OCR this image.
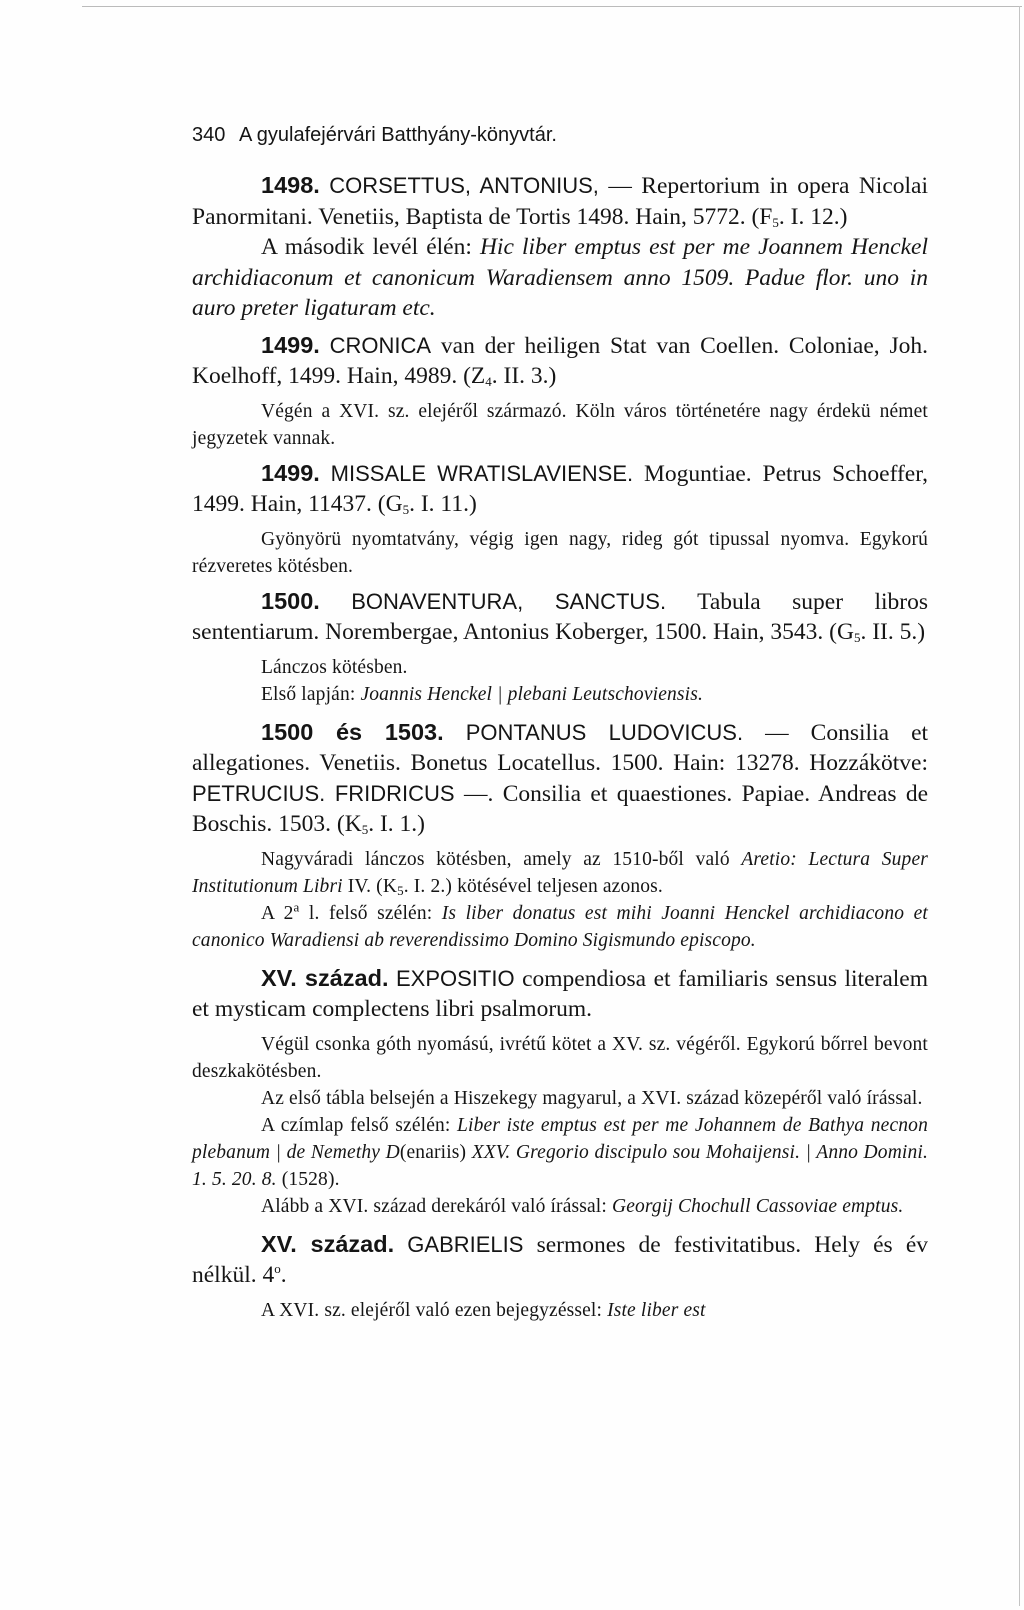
340 A gyulafejérvári Batthyány-könyvtár.

1498. CORSETTUS, ANTONIUS, — Repertorium in opera Nicolai Panormitani. Venetiis, Baptista de Tortis 1498. Hain, 5772. ($F_5$. I. 12.)

A második levél élén: Hic liber emptus est per me Joannem Henckel archidiaconum et canonicum Waradiensem anno 1509. Padue flor. uno in auro preter ligaturam etc.

1499. CRONICA van der heiligen Stat van Coellen. Coloniae, Joh. Koelhoff, 1499. Hain, 4989. ($Z_4$. II. 3.)

Végén a XVI. sz. elejéről származó. Köln város történetére nagy érdekü német jegyzetek vannak.

1499. MISSALE WRATISLAVIENSE. Moguntiae. Petrus Schoeffer, 1499. Hain, 11437. ($G_5$. I. 11.)

Gyönyörü nyomtatvány, végig igen nagy, rideg gót tipussal nyomva. Egykorú rézveretes kötésben.

1500. BONAVENTURA, SANCTUS. Tabula super libros sententiarum. Norembergae, Antonius Koberger, 1500. Hain, 3543. ($G_5$. II. 5.)

Lánczos kötésben.

Első lapján: Joannis Henckel | plebani Leutschoviensis.

1500 és 1503. PONTANUS LUDOVICUS. — Consilia et allegationes. Venetiis. Bonetus Locatellus. 1500. Hain: 13278. Hozzákötve: PETRUCIUS. FRIDRICUS —. Consilia et quaestiones. Papiae. Andreas de Boschis. 1503. ($K_5$. I. 1.)

Nagyváradi lánczos kötésben, amely az 1510-ből való Aretio: Lectura Super Institutionum Libri IV. ($K_5$. I. 2.) kötésével teljesen azonos.

A 2$^a$ l. felső szélén: Is liber donatus est mihi Joanni Henckel archidiacono et canonico Waradiensi ab reverendissimo Domino Sigismundo episcopo.

XV. század. EXPOSITIO compendiosa et familiaris sensus literalem et mysticam complectens libri psalmorum.

Végül csonka góth nyomású, ivrétű kötet a XV. sz. végéről. Egykorú bőrrel bevont deszkakötésben.

Az első tábla belsején a Hiszekegy magyarul, a XVI. század közepéről való írással.

A czímlap felső szélén: Liber iste emptus est per me Johannem de Bathya necnon plebanum | de Nemethy D(enariis) XXV. Gregorio discipulo sou Mohaijensi. | Anno Domini. 1. 5. 20. 8. (1528).

Alább a XVI. század derekáról való írással: Georgij Chochull Cassoviae emptus.

XV. század. GABRIELIS sermones de festivitatibus. Hely és év nélkül. 4$^o$.

A XVI. sz. elejéről való ezen bejegyzéssel: Iste liber est
